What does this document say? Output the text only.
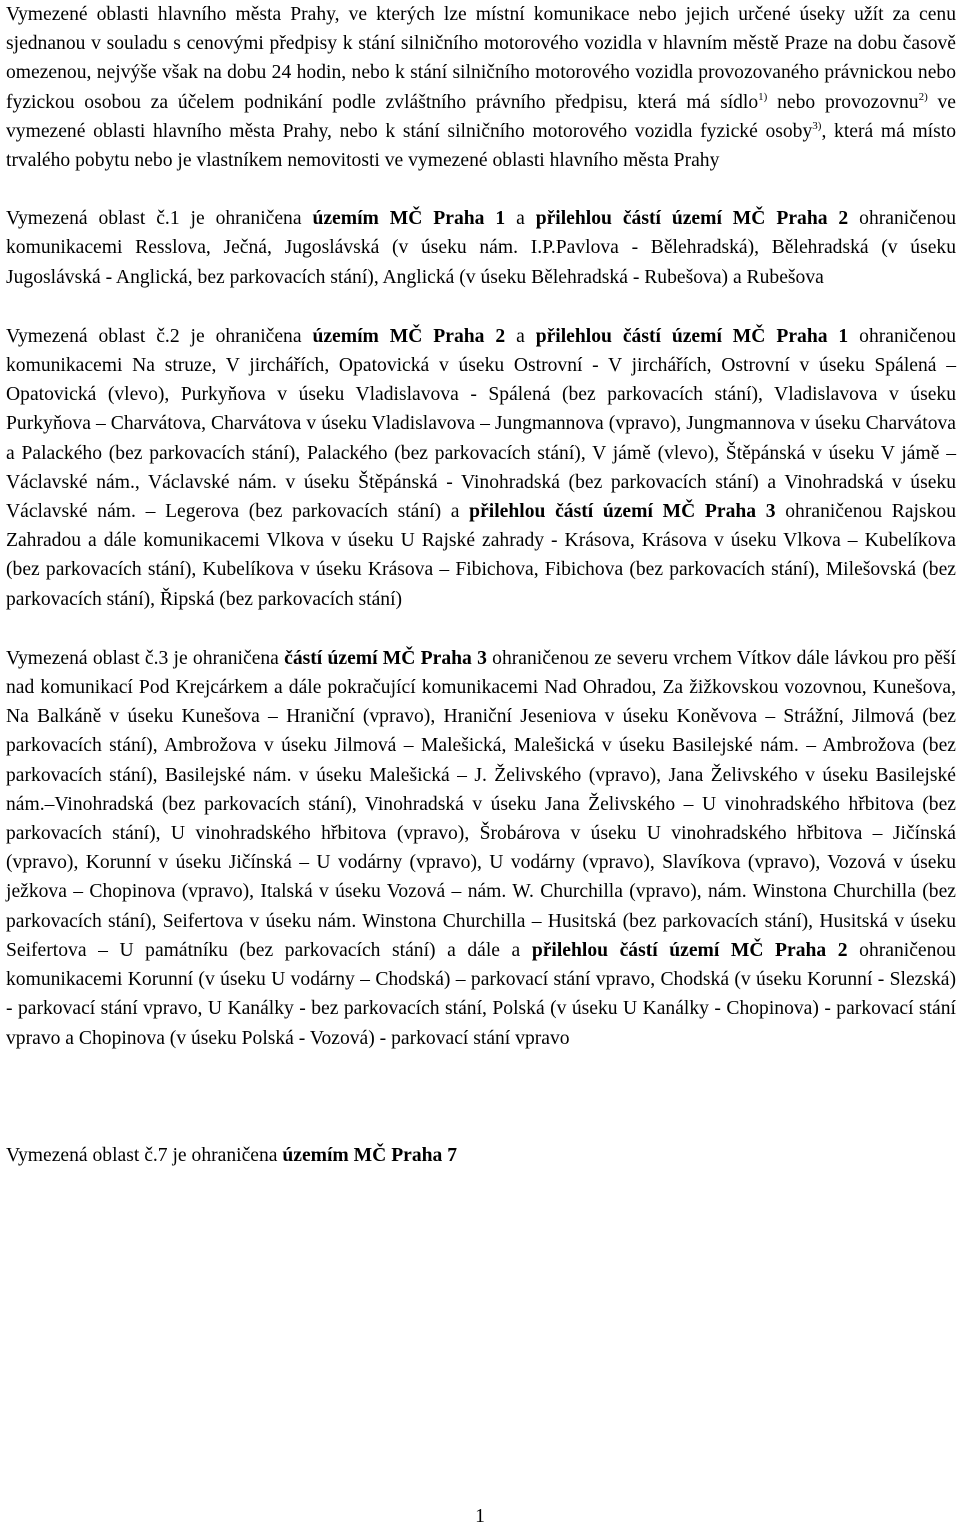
Vymezené oblasti hlavního města Prahy, ve kterých lze místní komunikace nebo jejich určené úseky užít za cenu sjednanou v souladu s cenovými předpisy k stání silničního motorového vozidla v hlavním městě Praze na dobu časově omezenou, nejvýše však na dobu 24 hodin, nebo k stání silničního motorového vozidla provozovaného právnickou nebo fyzickou osobou za účelem podnikání podle zvláštního právního předpisu, která má sídlo$^{1)}$ nebo provozovnu$^{2)}$ ve vymezené oblasti hlavního města Prahy, nebo k stání silničního motorového vozidla fyzické osoby$^{3)}$, která má místo trvalého pobytu nebo je vlastníkem nemovitosti ve vymezené oblasti hlavního města Prahy

Vymezená oblast č.1 je ohraničena územím MČ Praha 1 a přilehlou částí území MČ Praha 2 ohraničenou komunikacemi Resslova, Ječná, Jugoslávská (v úseku nám. I.P.Pavlova - Bělehradská), Bělehradská (v úseku Jugoslávská - Anglická, bez parkovacích stání), Anglická (v úseku Bělehradská - Rubešova) a Rubešova

Vymezená oblast č.2 je ohraničena územím MČ Praha 2 a přilehlou částí území MČ Praha 1 ohraničenou komunikacemi Na struze, V jirchářích, Opatovická v úseku Ostrovní - V jirchářích, Ostrovní v úseku Spálená – Opatovická (vlevo), Purkyňova v úseku Vladislavova - Spálená (bez parkovacích stání), Vladislavova v úseku Purkyňova – Charvátova, Charvátova v úseku Vladislavova – Jungmannova (vpravo), Jungmannova v úseku Charvátova a Palackého (bez parkovacích stání), Palackého (bez parkovacích stání), V jámě (vlevo), Štěpánská v úseku V jámě – Václavské nám., Václavské nám. v úseku Štěpánská - Vinohradská (bez parkovacích stání) a Vinohradská v úseku Václavské nám. – Legerova (bez parkovacích stání) a přilehlou částí území MČ Praha 3 ohraničenou Rajskou Zahradou a dále komunikacemi Vlkova v úseku U Rajské zahrady - Krásova, Krásova v úseku Vlkova – Kubelíkova (bez parkovacích stání), Kubelíkova v úseku Krásova – Fibichova, Fibichova (bez parkovacích stání), Milešovská (bez parkovacích stání), Řipská (bez parkovacích stání)

Vymezená oblast č.3 je ohraničena částí území MČ Praha 3 ohraničenou ze severu vrchem Vítkov dále lávkou pro pěší nad komunikací Pod Krejcárkem a dále pokračující komunikacemi Nad Ohradou, Za žižkovskou vozovnou, Kunešova, Na Balkáně v úseku Kunešova – Hraniční (vpravo), Hraniční Jeseniova v úseku Koněvova – Strážní, Jilmová (bez parkovacích stání), Ambrožova v úseku Jilmová – Malešická, Malešická v úseku Basilejské nám. – Ambrožova (bez parkovacích stání), Basilejské nám. v úseku Malešická – J. Želivského (vpravo), Jana Želivského v úseku Basilejské nám.–Vinohradská (bez parkovacích stání), Vinohradská v úseku Jana Želivského – U vinohradského hřbitova (bez parkovacích stání), U vinohradského hřbitova (vpravo), Šrobárova v úseku U vinohradského hřbitova – Jičínská (vpravo), Korunní v úseku Jičínská – U vodárny (vpravo), U vodárny (vpravo), Slavíkova (vpravo), Vozová v úseku ježkova – Chopinova (vpravo), Italská v úseku Vozová – nám. W. Churchilla (vpravo), nám. Winstona Churchilla (bez parkovacích stání), Seifertova v úseku nám. Winstona Churchilla – Husitská (bez parkovacích stání), Husitská v úseku Seifertova – U památníku (bez parkovacích stání) a dále a přilehlou částí území MČ Praha 2 ohraničenou komunikacemi Korunní (v úseku U vodárny – Chodská) – parkovací stání vpravo, Chodská (v úseku Korunní - Slezská) - parkovací stání vpravo, U Kanálky - bez parkovacích stání, Polská (v úseku U Kanálky - Chopinova) - parkovací stání vpravo a Chopinova (v úseku Polská - Vozová) - parkovací stání vpravo

Vymezená oblast č.7 je ohraničena územím MČ Praha 7

1
